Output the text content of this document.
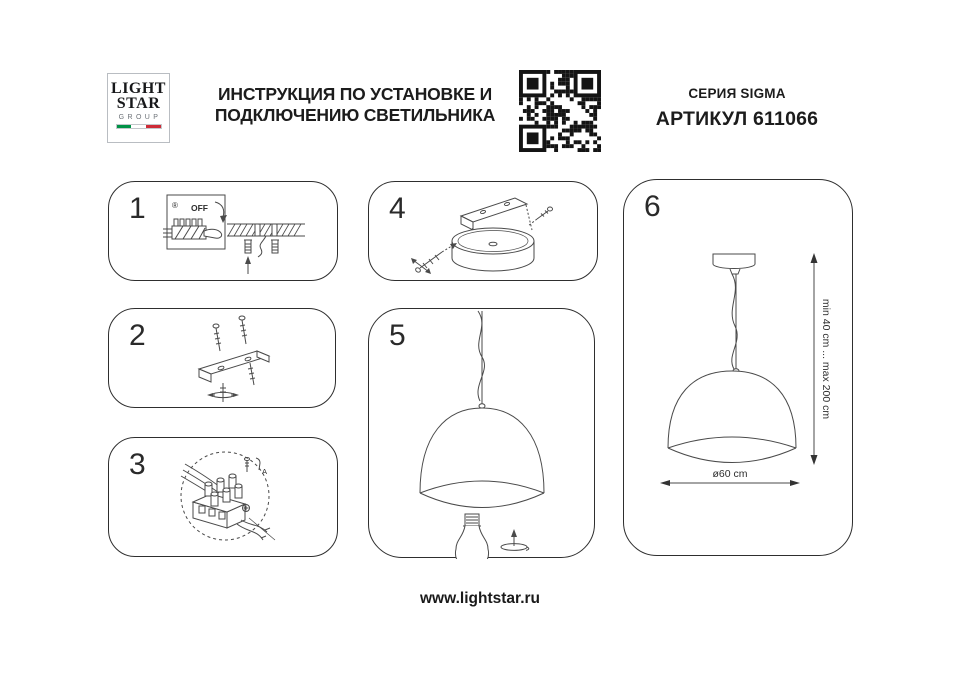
LIGHT
STAR
GROUP
ИНСТРУКЦИЯ ПО УСТАНОВКЕ И
ПОДКЛЮЧЕНИЮ СВЕТИЛЬНИКА
СЕРИЯ SIGMA
АРТИКУЛ 611066
1	® OFF
2
3	A
4
5
6
min 40 cm ... max 200 cm
ø60 cm
www.lightstar.ru
